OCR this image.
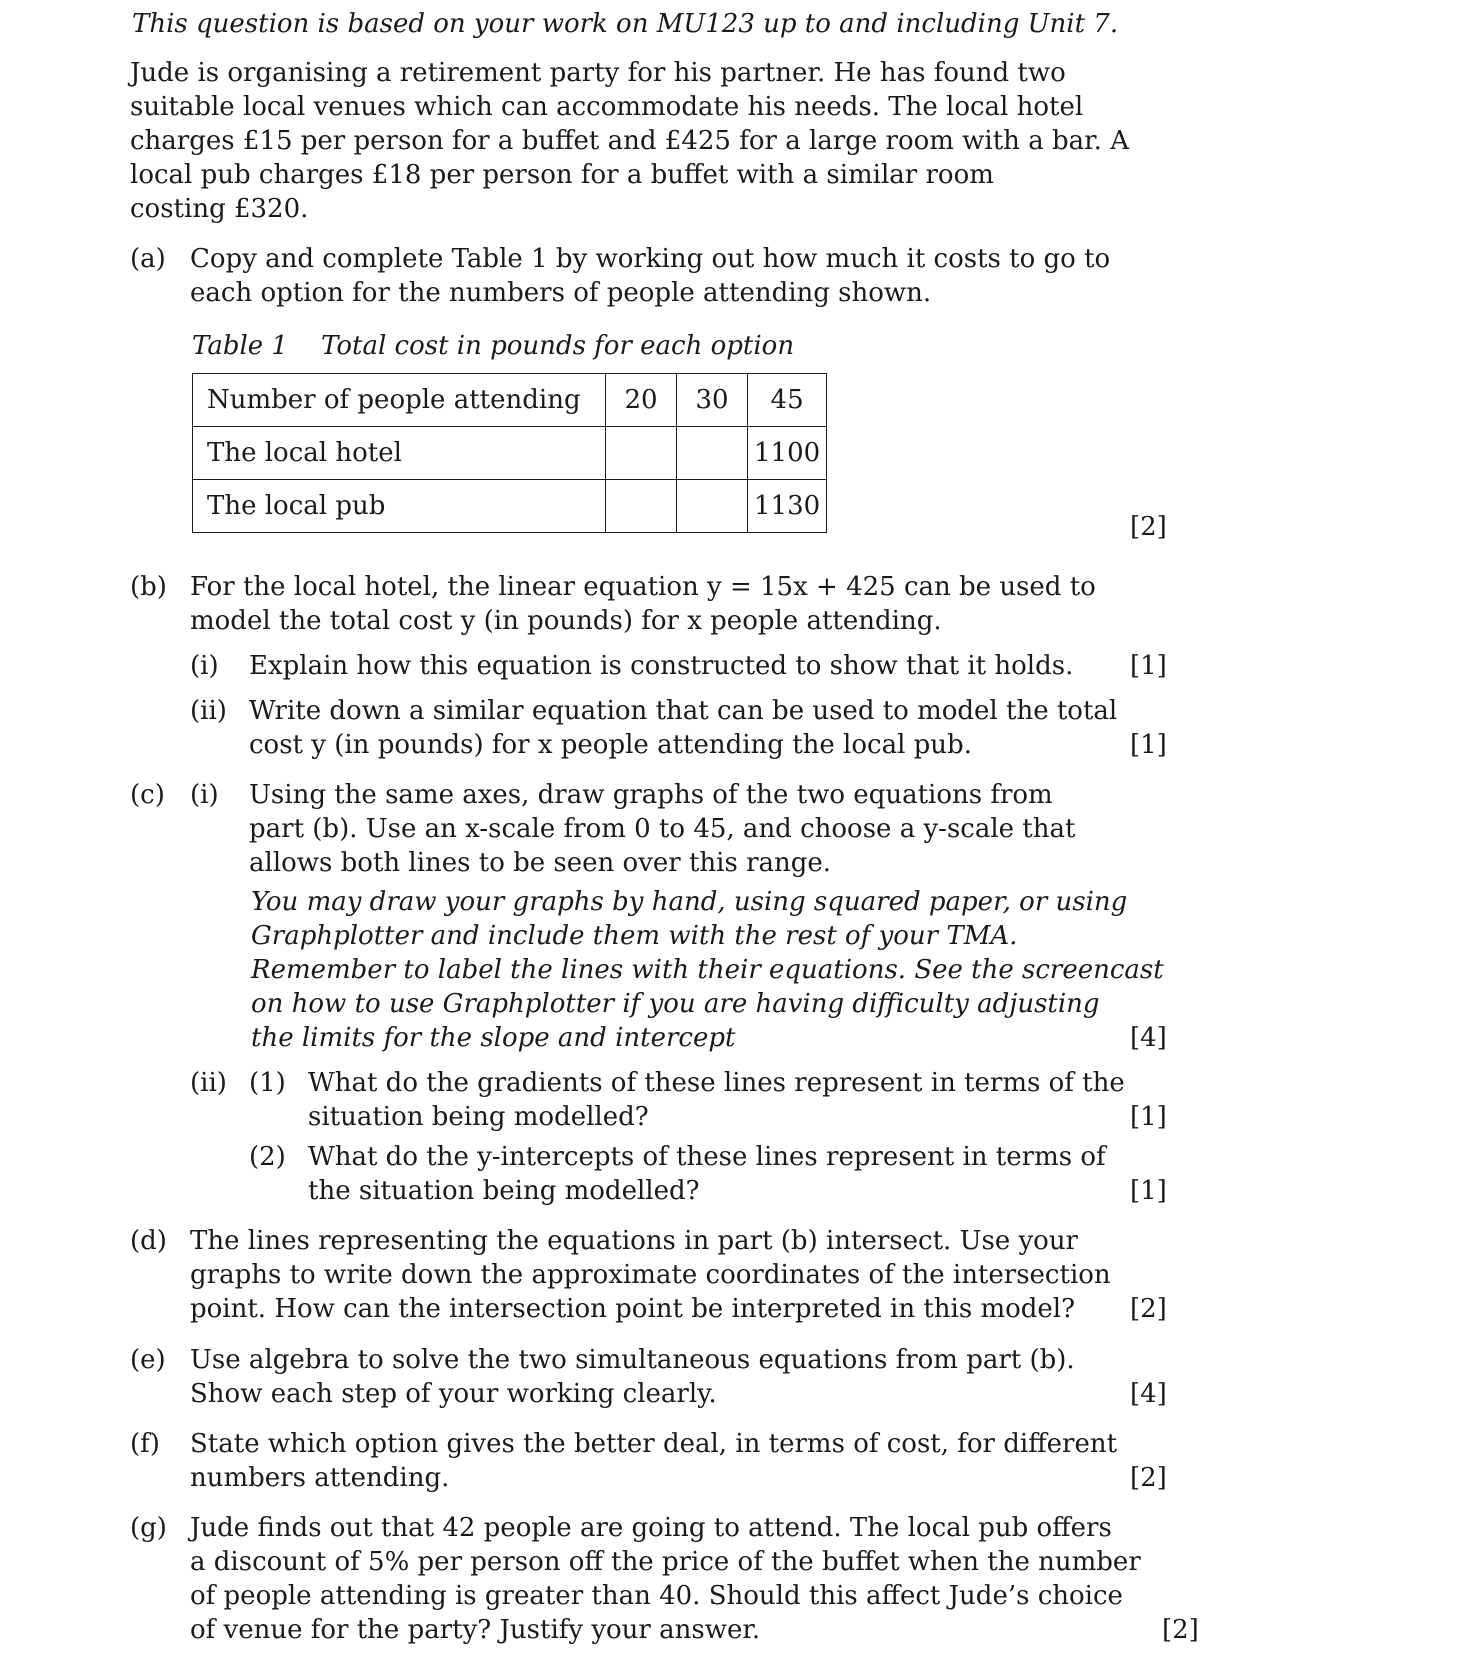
This question is based on your work on MU123 up to and including Unit 7.
Jude is organising a retirement party for his partner. He has found two
suitable local venues which can accommodate his needs. The local hotel
charges £15 per person for a buffet and £425 for a large room with a bar. A
local pub charges £18 per person for a buffet with a similar room
costing £320.
(a) Copy and complete Table 1 by working out how much it costs to go to
each option for the numbers of people attending shown.
Table 1    Total cost in pounds for each option
Number of people attending	20	30	45
The local hotel			1100
The local pub			1130
[2]
(b) For the local hotel, the linear equation y = 15x + 425 can be used to
model the total cost y (in pounds) for x people attending.
(i) Explain how this equation is constructed to show that it holds. [1]
(ii) Write down a similar equation that can be used to model the total
cost y (in pounds) for x people attending the local pub.	[1]
(c) (i) Using the same axes, draw graphs of the two equations from
part (b). Use an x-scale from 0 to 45, and choose a y-scale that
allows both lines to be seen over this range.
You may draw your graphs by hand, using squared paper, or using
Graphplotter and include them with the rest of your TMA.
Remember to label the lines with their equations. See the screencast
on how to use Graphplotter if you are having difficulty adjusting
the limits for the slope and intercept	[4]
(ii) (1) What do the gradients of these lines represent in terms of the
situation being modelled?	[1]
(2) What do the y-intercepts of these lines represent in terms of
the situation being modelled?	[1]
(d) The lines representing the equations in part (b) intersect. Use your
graphs to write down the approximate coordinates of the intersection
point. How can the intersection point be interpreted in this model? [2]
(e) Use algebra to solve the two simultaneous equations from part (b).
Show each step of your working clearly.	[4]
(f) State which option gives the better deal, in terms of cost, for different
numbers attending.	[2]
(g) Jude finds out that 42 people are going to attend. The local pub offers
a discount of 5% per person off the price of the buffet when the number
of people attending is greater than 40. Should this affect Jude’s choice
of venue for the party? Justify your answer.	[2]
